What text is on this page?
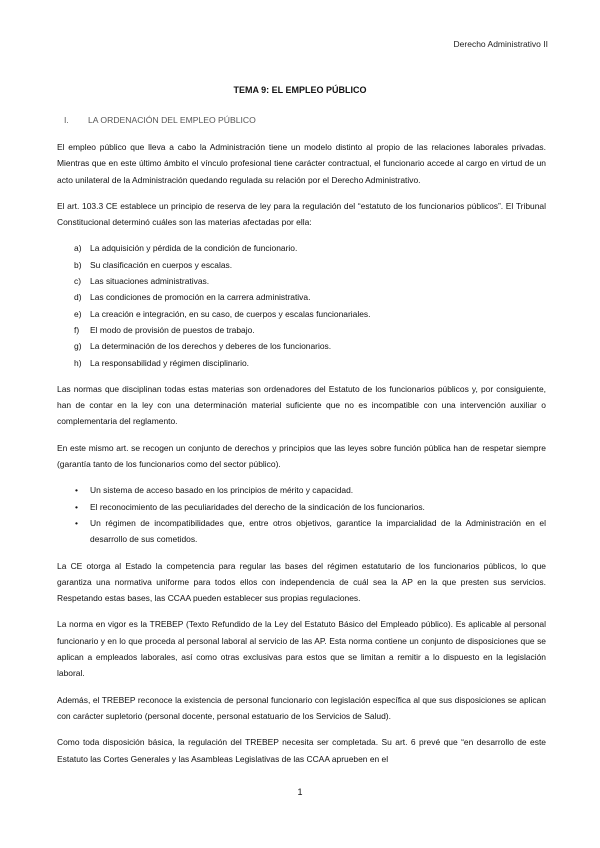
Derecho Administrativo II
TEMA 9: EL EMPLEO PÚBLICO
I. LA ORDENACIÓN DEL EMPLEO PÚBLICO

El empleo público que lleva a cabo la Administración tiene un modelo distinto al propio de las relaciones laborales privadas. Mientras que en este último ámbito el vínculo profesional tiene carácter contractual, el funcionario accede al cargo en virtud de un acto unilateral de la Administración quedando regulada su relación por el Derecho Administrativo.

El art. 103.3 CE establece un principio de reserva de ley para la regulación del “estatuto de los funcionarios públicos”. El Tribunal Constitucional determinó cuáles son las materias afectadas por ella:

a)	La adquisición y pérdida de la condición de funcionario.
b)	Su clasificación en cuerpos y escalas.
c)	Las situaciones administrativas.
d)	Las condiciones de promoción en la carrera administrativa.
e)	La creación e integración, en su caso, de cuerpos y escalas funcionariales.
f)	El modo de provisión de puestos de trabajo.
g)	La determinación de los derechos y deberes de los funcionarios.
h)	La responsabilidad y régimen disciplinario.

Las normas que disciplinan todas estas materias son ordenadores del Estatuto de los funcionarios públicos y, por consiguiente, han de contar en la ley con una determinación material suficiente que no es incompatible con una intervención auxiliar o complementaria del reglamento.

En este mismo art. se recogen un conjunto de derechos y principios que las leyes sobre función pública han de respetar siempre (garantía tanto de los funcionarios como del sector público).

•	Un sistema de acceso basado en los principios de mérito y capacidad.
•	El reconocimiento de las peculiaridades del derecho de la sindicación de los funcionarios.
•	Un régimen de incompatibilidades que, entre otros objetivos, garantice la imparcialidad de la Administración en el desarrollo de sus cometidos.

La CE otorga al Estado la competencia para regular las bases del régimen estatutario de los funcionarios públicos, lo que garantiza una normativa uniforme para todos ellos con independencia de cuál sea la AP en la que presten sus servicios. Respetando estas bases, las CCAA pueden establecer sus propias regulaciones.

La norma en vigor es la TREBEP (Texto Refundido de la Ley del Estatuto Básico del Empleado público). Es aplicable al personal funcionario y en lo que proceda al personal laboral al servicio de las AP. Esta norma contiene un conjunto de disposiciones que se aplican a empleados laborales, así como otras exclusivas para estos que se limitan a remitir a lo dispuesto en la legislación laboral.

Además, el TREBEP reconoce la existencia de personal funcionario con legislación específica al que sus disposiciones se aplican con carácter supletorio (personal docente, personal estatuario de los Servicios de Salud).

Como toda disposición básica, la regulación del TREBEP necesita ser completada. Su art. 6 prevé que “en desarrollo de este Estatuto las Cortes Generales y las Asambleas Legislativas de las CCAA aprueben en el

1
